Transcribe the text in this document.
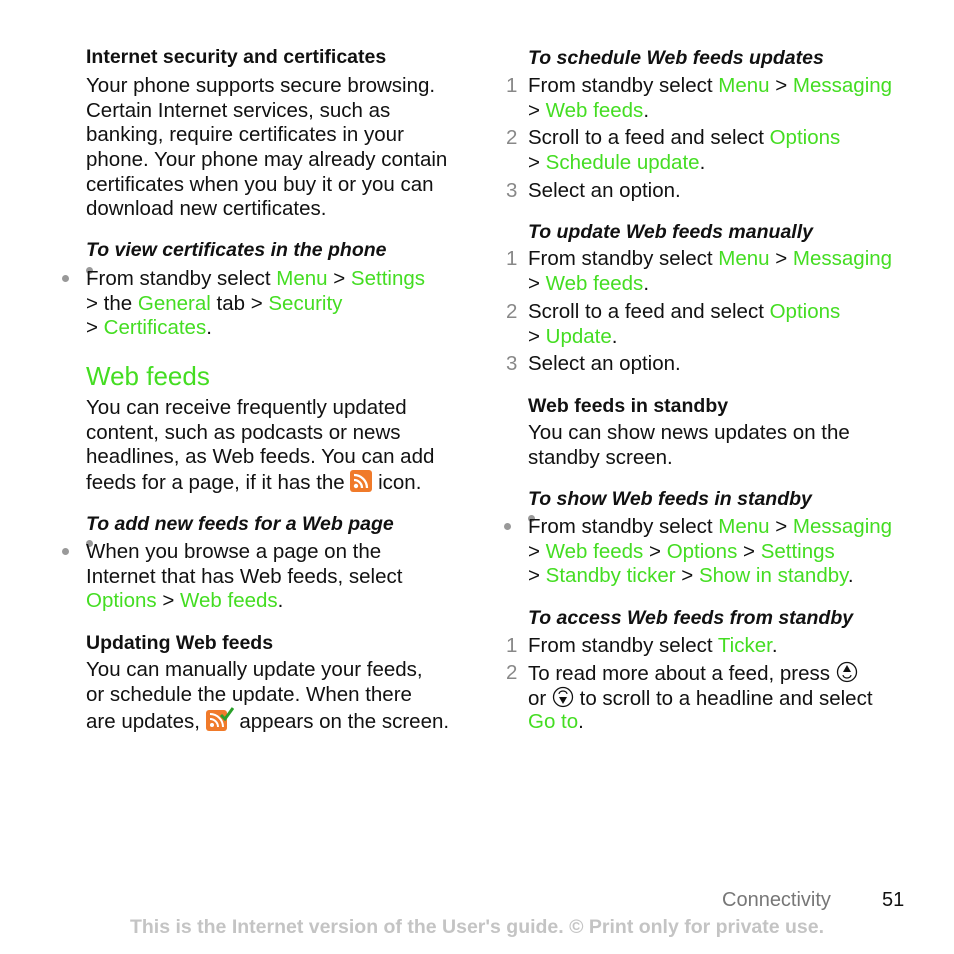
Internet security and certificates
Your phone supports secure browsing.
Certain Internet services, such as
banking, require certificates in your
phone. Your phone may already contain
certificates when you buy it or you can
download new certificates.
To view certificates in the phone
From standby select Menu > Settings
> the General tab > Security
> Certificates.
Web feeds
You can receive frequently updated
content, such as podcasts or news
headlines, as Web feeds. You can add
feeds for a page, if it has the  icon.
To add new feeds for a Web page
When you browse a page on the
Internet that has Web feeds, select
Options > Web feeds.
Updating Web feeds
You can manually update your feeds,
or schedule the update. When there
are updates,  appears on the screen.
To schedule Web feeds updates
1 From standby select Menu > Messaging
> Web feeds.
2 Scroll to a feed and select Options
> Schedule update.
3 Select an option.
To update Web feeds manually
1 From standby select Menu > Messaging
> Web feeds.
2 Scroll to a feed and select Options
> Update.
3 Select an option.
Web feeds in standby
You can show news updates on the
standby screen.
To show Web feeds in standby
From standby select Menu > Messaging
> Web feeds > Options > Settings
> Standby ticker > Show in standby.
To access Web feeds from standby
1 From standby select Ticker.
2 To read more about a feed, press
or  to scroll to a headline and select
Go to.
Connectivity	51
This is the Internet version of the User's guide. © Print only for private use.
